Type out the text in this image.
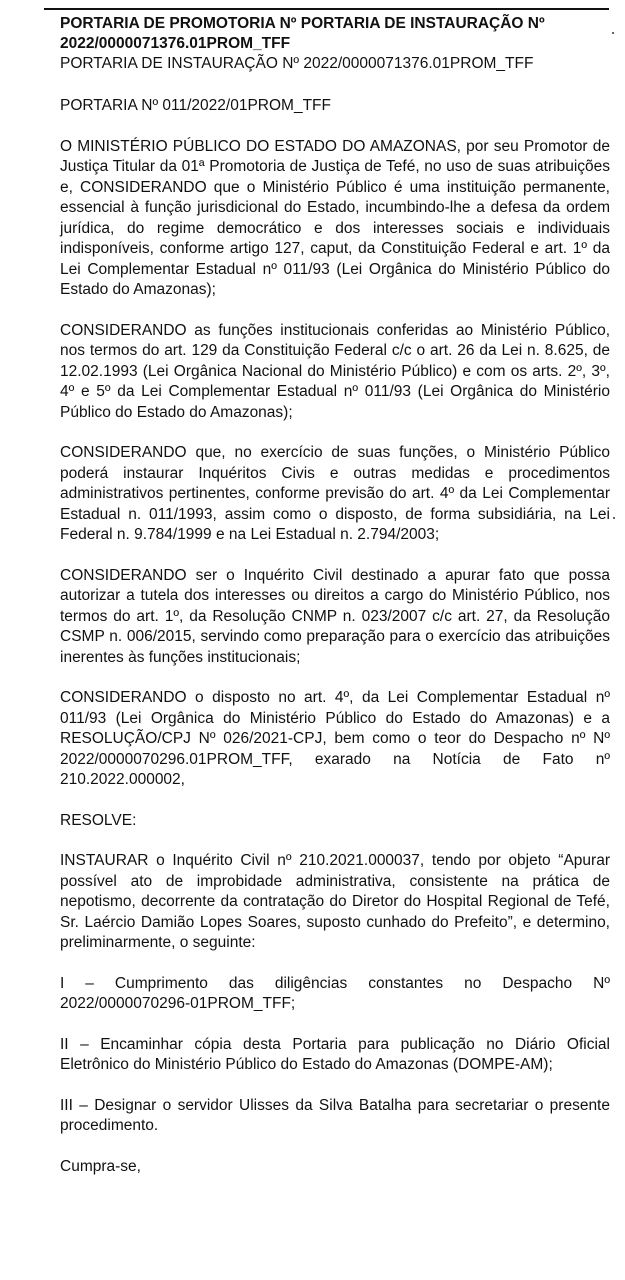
PORTARIA DE PROMOTORIA Nº PORTARIA DE INSTAURAÇÃO Nº

2022/0000071376.01PROM_TFF

PORTARIA DE INSTAURAÇÃO Nº 2022/0000071376.01PROM_TFF

PORTARIA Nº 011/2022/01PROM_TFF

O MINISTÉRIO PÚBLICO DO ESTADO DO AMAZONAS, por seu Promotor de Justiça Titular da 01ª Promotoria de Justiça de Tefé, no uso de suas atribuições e, CONSIDERANDO que o Ministério Público é uma instituição permanente, essencial à função jurisdicional do Estado, incumbindo-lhe a defesa da ordem jurídica, do regime democrático e dos interesses sociais e individuais indisponíveis, conforme artigo 127, caput, da Constituição Federal e art. 1º da Lei Complementar Estadual nº 011/93 (Lei Orgânica do Ministério Público do Estado do Amazonas);

CONSIDERANDO as funções institucionais conferidas ao Ministério Público, nos termos do art. 129 da Constituição Federal c/c o art. 26 da Lei n. 8.625, de 12.02.1993 (Lei Orgânica Nacional do Ministério Público) e com os arts. 2º, 3º, 4º e 5º da Lei Complementar Estadual nº 011/93 (Lei Orgânica do Ministério Público do Estado do Amazonas);

CONSIDERANDO que, no exercício de suas funções, o Ministério Público poderá instaurar Inquéritos Civis e outras medidas e procedimentos administrativos pertinentes, conforme previsão do art. 4º da Lei Complementar Estadual n. 011/1993, assim como o disposto, de forma subsidiária, na Lei Federal n. 9.784/1999 e na Lei Estadual n. 2.794/2003;

CONSIDERANDO ser o Inquérito Civil destinado a apurar fato que possa autorizar a tutela dos interesses ou direitos a cargo do Ministério Público, nos termos do art. 1º, da Resolução CNMP n. 023/2007 c/c art. 27, da Resolução CSMP n. 006/2015, servindo como preparação para o exercício das atribuições inerentes às funções institucionais;

CONSIDERANDO o disposto no art. 4º, da Lei Complementar Estadual nº 011/93 (Lei Orgânica do Ministério Público do Estado do Amazonas) e a RESOLUÇÃO/CPJ Nº 026/2021-CPJ, bem como o teor do Despacho nº Nº 2022/0000070296.01PROM_TFF, exarado na Notícia de Fato nº 210.2022.000002,

RESOLVE:

INSTAURAR o Inquérito Civil nº 210.2021.000037, tendo por objeto “Apurar possível ato de improbidade administrativa, consistente na prática de nepotismo, decorrente da contratação do Diretor do Hospital Regional de Tefé, Sr. Laércio Damião Lopes Soares, suposto cunhado do Prefeito”, e determino, preliminarmente, o seguinte:

I – Cumprimento das diligências constantes no Despacho Nº 2022/0000070296-01PROM_TFF;

II – Encaminhar cópia desta Portaria para publicação no Diário Oficial Eletrônico do Ministério Público do Estado do Amazonas (DOMPE-AM);

III – Designar o servidor Ulisses da Silva Batalha para secretariar o presente procedimento.

Cumpra-se,
